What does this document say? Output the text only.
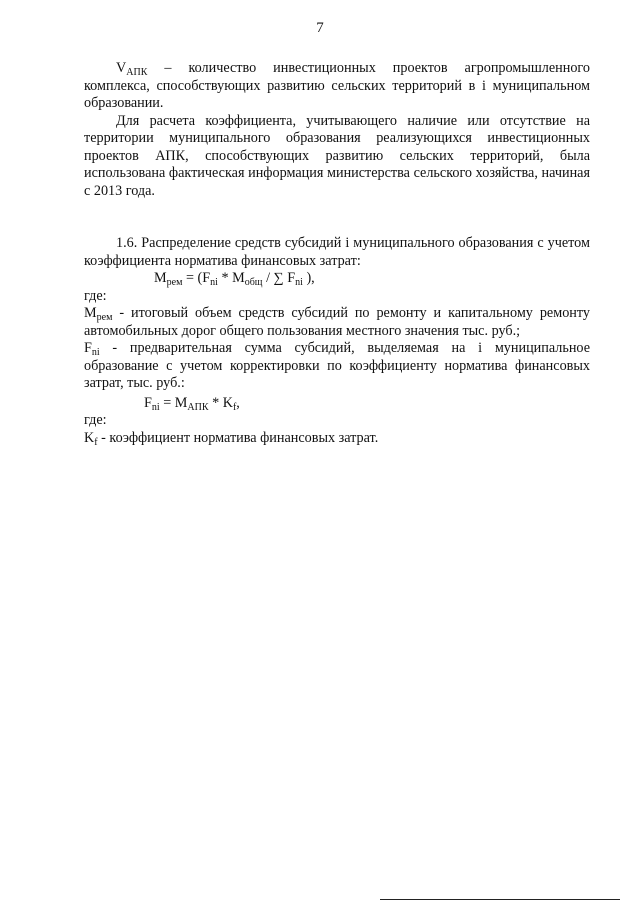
7

$V_{АПК}$ – количество инвестиционных проектов агропромышленного комплекса, способствующих развитию сельских территорий в i муниципальном образовании.

Для расчета коэффициента, учитывающего наличие или отсутствие на территории муниципального образования реализующихся инвестиционных проектов АПК, способствующих развитию сельских территорий, была использована фактическая информация министерства сельского хозяйства, начиная с 2013 года.

1.6. Распределение средств субсидий i муниципального образования с учетом коэффициента норматива финансовых затрат:

$M_{рем} = (F_{ni} * M_{общ}$ / ∑ $F_{ni}$ ),

где:

$M_{рем}$ - итоговый объем средств субсидий по ремонту и капитальному ремонту автомобильных дорог общего пользования местного значения тыс. руб.;

$F_{ni}$ - предварительная сумма субсидий, выделяемая на i муниципальное образование с учетом корректировки по коэффициенту норматива финансовых затрат, тыс. руб.:

$F_{ni} = M_{АПК} * K_f$,

где:

$K_f$ - коэффициент норматива финансовых затрат.
